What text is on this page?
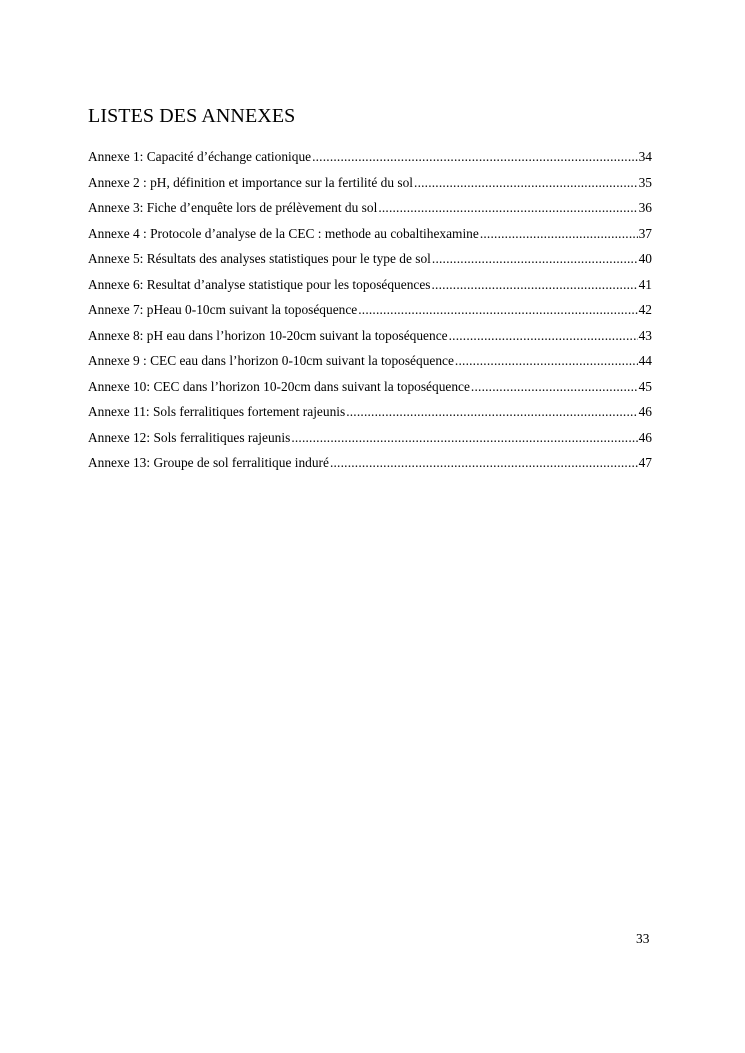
LISTES DES ANNEXES
Annexe 1: Capacité d’échange cationique .....	34
Annexe 2 : pH, définition et importance sur la fertilité du sol .....	35
Annexe 3: Fiche d’enquête lors de prélèvement du sol .....	36
Annexe 4 : Protocole d’analyse de la CEC : methode au cobaltihexamine .....	37
Annexe 5: Résultats des analyses statistiques pour le type de sol .....	40
Annexe 6: Resultat d’analyse statistique pour les toposéquences .....	41
Annexe 7: pHeau 0-10cm suivant la toposéquence .....	42
Annexe 8: pH eau dans l’horizon 10-20cm suivant la toposéquence .....	43
Annexe 9 : CEC eau dans l’horizon 0-10cm suivant la toposéquence .....	44
Annexe 10: CEC dans l’horizon 10-20cm dans suivant la toposéquence .....	45
Annexe 11: Sols ferralitiques fortement rajeunis .....	46
Annexe 12: Sols ferralitiques rajeunis .....	46
Annexe 13: Groupe de sol ferralitique induré .....	47
33
